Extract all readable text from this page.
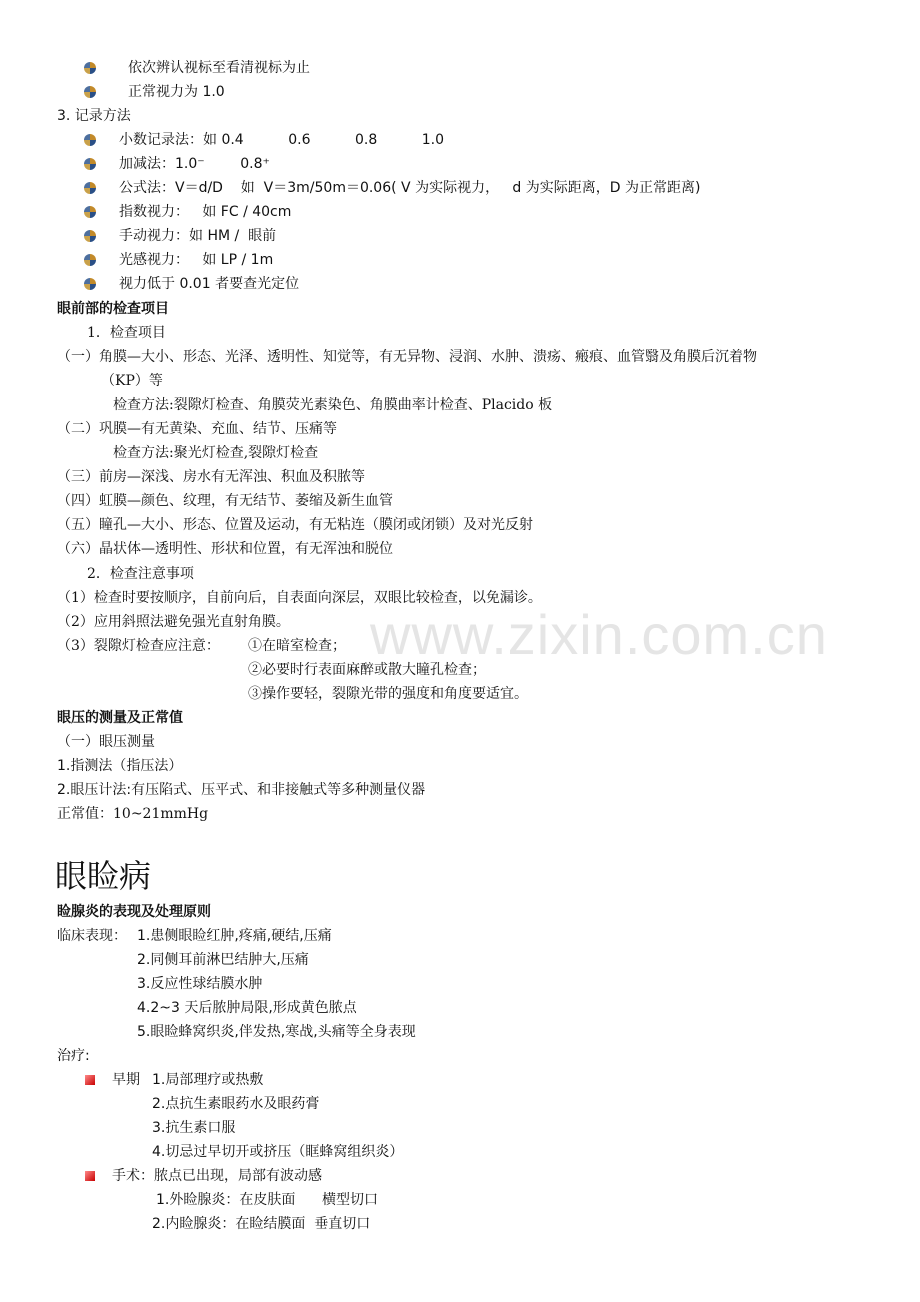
www.zixin.com.cn
依次辨认视标至看清视标为止
正常视力为 1.0
3. 记录方法
小数记录法：如 0.4          0.6          0.8          1.0
加减法：1.0⁻        0.8⁺
公式法：V＝d/D    如  V＝3m/50m＝0.06( V 为实际视力，   d 为实际距离，D 为正常距离)
指数视力：   如 FC / 40cm
手动视力：如 HM /  眼前
光感视力：   如 LP / 1m
视力低于 0.01 者要查光定位
眼前部的检查项目
1．检查项目
（一）角膜—大小、形态、光泽、透明性、知觉等，有无异物、浸润、水肿、溃疡、瘢痕、血管翳及角膜后沉着物
（KP）等
检查方法:裂隙灯检查、角膜荧光素染色、角膜曲率计检查、Placido 板
（二）巩膜—有无黄染、充血、结节、压痛等
检查方法:聚光灯检查,裂隙灯检查
（三）前房—深浅、房水有无浑浊、积血及积脓等
（四）虹膜—颜色、纹理，有无结节、萎缩及新生血管
（五）瞳孔—大小、形态、位置及运动，有无粘连（膜闭或闭锁）及对光反射
（六）晶状体—透明性、形状和位置，有无浑浊和脱位
2．检查注意事项
（1）检查时要按顺序，自前向后，自表面向深层，双眼比较检查，以免漏诊。
（2）应用斜照法避免强光直射角膜。
（3）裂隙灯检查应注意： ①在暗室检查；
②必要时行表面麻醉或散大瞳孔检查；
③操作要轻，裂隙光带的强度和角度要适宜。
眼压的测量及正常值
（一）眼压测量
1.指测法（指压法）
2.眼压计法:有压陷式、压平式、和非接触式等多种测量仪器
正常值：10~21mmHg
眼睑病
睑腺炎的表现及处理原则
临床表现： 1.患侧眼睑红肿,疼痛,硬结,压痛
2.同侧耳前淋巴结肿大,压痛
3.反应性球结膜水肿
4.2~3 天后脓肿局限,形成黄色脓点
5.眼睑蜂窝织炎,伴发热,寒战,头痛等全身表现
治疗:
早期 1.局部理疗或热敷
2.点抗生素眼药水及眼药膏
3.抗生素口服
4.切忌过早切开或挤压（眶蜂窝组织炎）
手术：脓点已出现，局部有波动感
1.外睑腺炎：在皮肤面      横型切口
2.内睑腺炎：在睑结膜面  垂直切口
